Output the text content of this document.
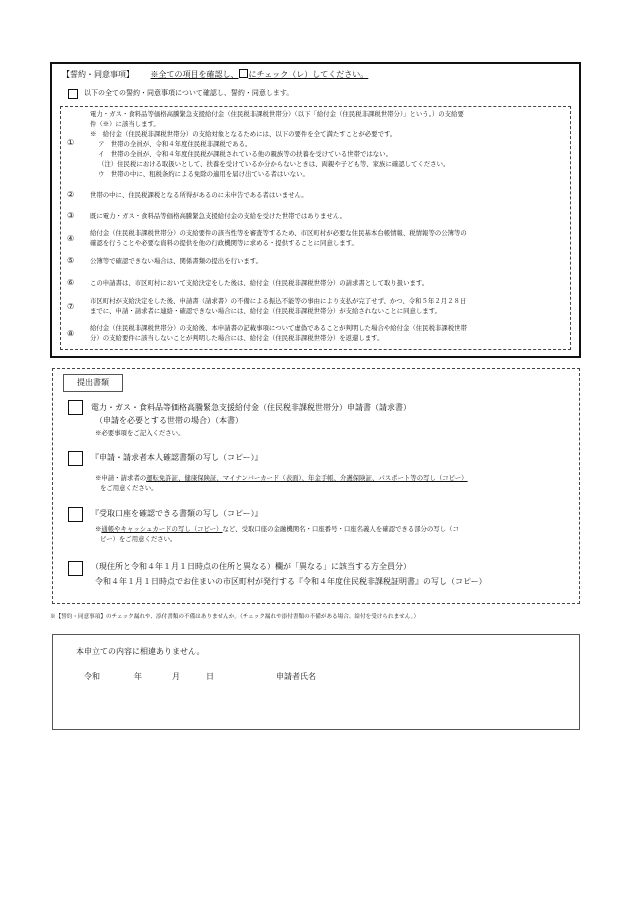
【誓約・同意事項】 ※全ての項目を確認し、 にチェック（レ）してください。
以下の全ての誓約・同意事項について確認し、誓約・同意します。
①
電力・ガス・食料品等価格高騰緊急支援給付金（住民税非課税世帯分）（以下「給付金（住民税非課税世帯分）」という。）の支給要
件（※）に該当します。
※　給付金（住民税非課税世帯分）の支給対象となるためには、以下の要件を全て満たすことが必要です。
ア　世帯の全員が、令和４年度住民税非課税である。
イ　世帯の全員が、令和４年度住民税が課税されている他の親族等の扶養を受けている世帯ではない。
（注）住民税における取扱いとして、扶養を受けているか分からないときは、両親や子ども等、家族に確認してください。
ウ　世帯の中に、租税条約による免除の適用を届け出ている者はいない。
② 世帯の中に、住民税課税となる所得があるのに未申告である者はいません。
③ 既に電力・ガス・食料品等価格高騰緊急支援給付金の支給を受けた世帯ではありません。
④
給付金（住民税非課税世帯分）の支給要件の該当性等を審査等するため、市区町村が必要な住民基本台帳情報、税情報等の公簿等の
確認を行うことや必要な資料の提供を他の行政機関等に求める・提供することに同意します。
⑤ 公簿等で確認できない場合は、関係書類の提出を行います。
⑥ この申請書は、市区町村において支給決定をした後は、給付金（住民税非課税世帯分）の請求書として取り扱います。
⑦
市区町村が支給決定をした後、申請書（請求書）の不備による振込不能等の事由により支払が完了せず、かつ、令和５年２月２８日
までに、申請・請求者に連絡・確認できない場合には、給付金（住民税非課税世帯分）が支給されないことに同意します。
⑧
給付金（住民税非課税世帯分）の支給後、本申請書の記載事項について虚偽であることが判明した場合や給付金（住民税非課税世帯
分）の支給要件に該当しないことが判明した場合には、給付金（住民税非課税世帯分）を返還します。
提出書類
電力・ガス・食料品等価格高騰緊急支援給付金（住民税非課税世帯分）申請書（請求書）
（申請を必要とする世帯の場合）（本書）
※必要事項をご記入ください。
『申請・請求者本人確認書類の写し（コピー）』
※申請・請求者の運転免許証、健康保険証、マイナンバーカード（表面）、年金手帳、介護保険証、パスポート等の写し（コピー）
をご用意ください。
『受取口座を確認できる書類の写し（コピー）』
※通帳やキャッシュカードの写し（コピー）など、受取口座の金融機関名・口座番号・口座名義人を確認できる部分の写し（コ
ピー）をご用意ください。
（現住所と令和４年１月１日時点の住所と異なる）欄が「異なる」に該当する方全員分）
令和４年１月１日時点でお住まいの市区町村が発行する『令和４年度住民税非課税証明書』の写し（コピー）
※【誓約・同意事項】のチェック漏れや、添付書類の不備はありませんか。（チェック漏れや添付書類の不備がある場合、給付を受けられません。）
本申立ての内容に相違ありません。
令和	年	月	日	申請者氏名
